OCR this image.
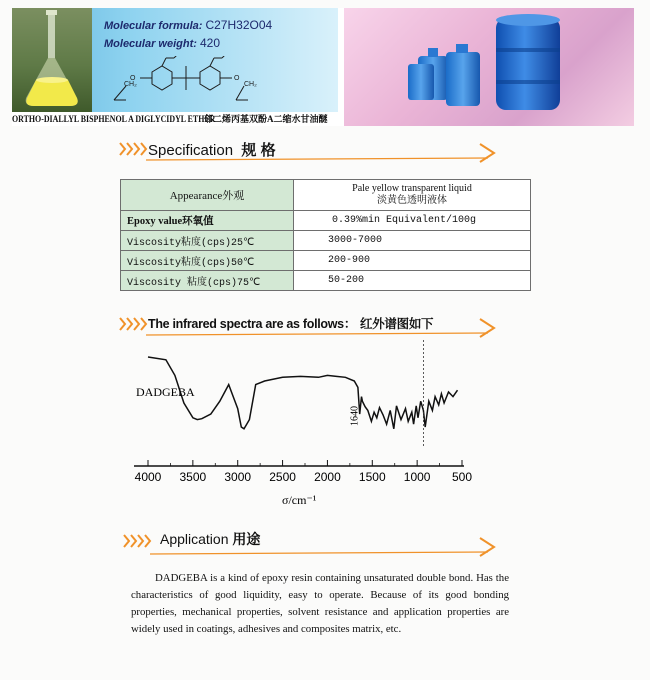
Molecular formula: C27H32O04
Molecular weight: 420
O	O
CH₂	CH₂
ORTHO-DIALLYL BISPHENOL A DIGLYCIDYL ETHER
邻二烯丙基双酚A二缩水甘油醚
Specification 规 格
Appearance外观	Pale yellow transparent liquid
淡黄色透明液体

Epoxy value环氧值	0.39%min Equivalent/100g
Viscosity粘度(cps)25℃	3000-7000
Viscosity粘度(cps)50℃	200-900
Viscosity 粘度(cps)75℃	50-200
The infrared spectra are as follows： 红外谱图如下
DADGEBA
1640
4000 3500 3000 2500 2000 1500 1000 500
σ/cm⁻¹
Application 用途

DADGEBA is a kind of epoxy resin containing unsaturated double bond. Has the characteristics of good liquidity, easy to operate. Because of its good bonding properties, mechanical properties, solvent resistance and application properties are widely used in coatings, adhesives and composites matrix, etc.
